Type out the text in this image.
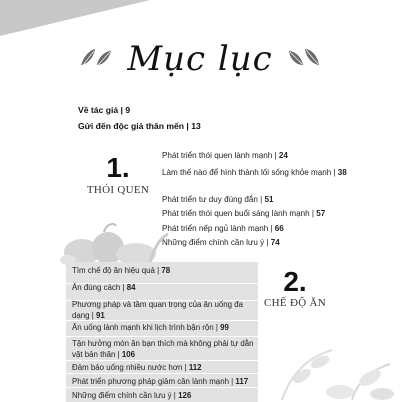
Mục lục
Về tác giả | 9
Gửi đến độc giả thân mến | 13
1.
THÓI QUEN
Phát triển thói quen lành mạnh | 24
Làm thế nào để hình thành lối sống khỏe mạnh | 38
Phát triển tư duy đúng đắn | 51
Phát triển thói quen buổi sáng lành mạnh | 57
Phát triển nếp ngủ lành mạnh | 66
Những điểm chính cần lưu ý | 74
Tìm chế độ ăn hiệu quả | 78
Ăn đúng cách | 84
Phương pháp và tầm quan trọng của ăn uống đa dạng | 91
Ăn uống lành mạnh khi lịch trình bận rộn | 99
Tận hưởng món ăn bạn thích mà không phải tự dằn vặt bản thân | 106
Đảm bảo uống nhiều nước hơn | 112
Phát triển phương pháp giảm cân lành mạnh | 117
Những điểm chính cần lưu ý | 126
2.
CHẾ ĐỘ ĂN
